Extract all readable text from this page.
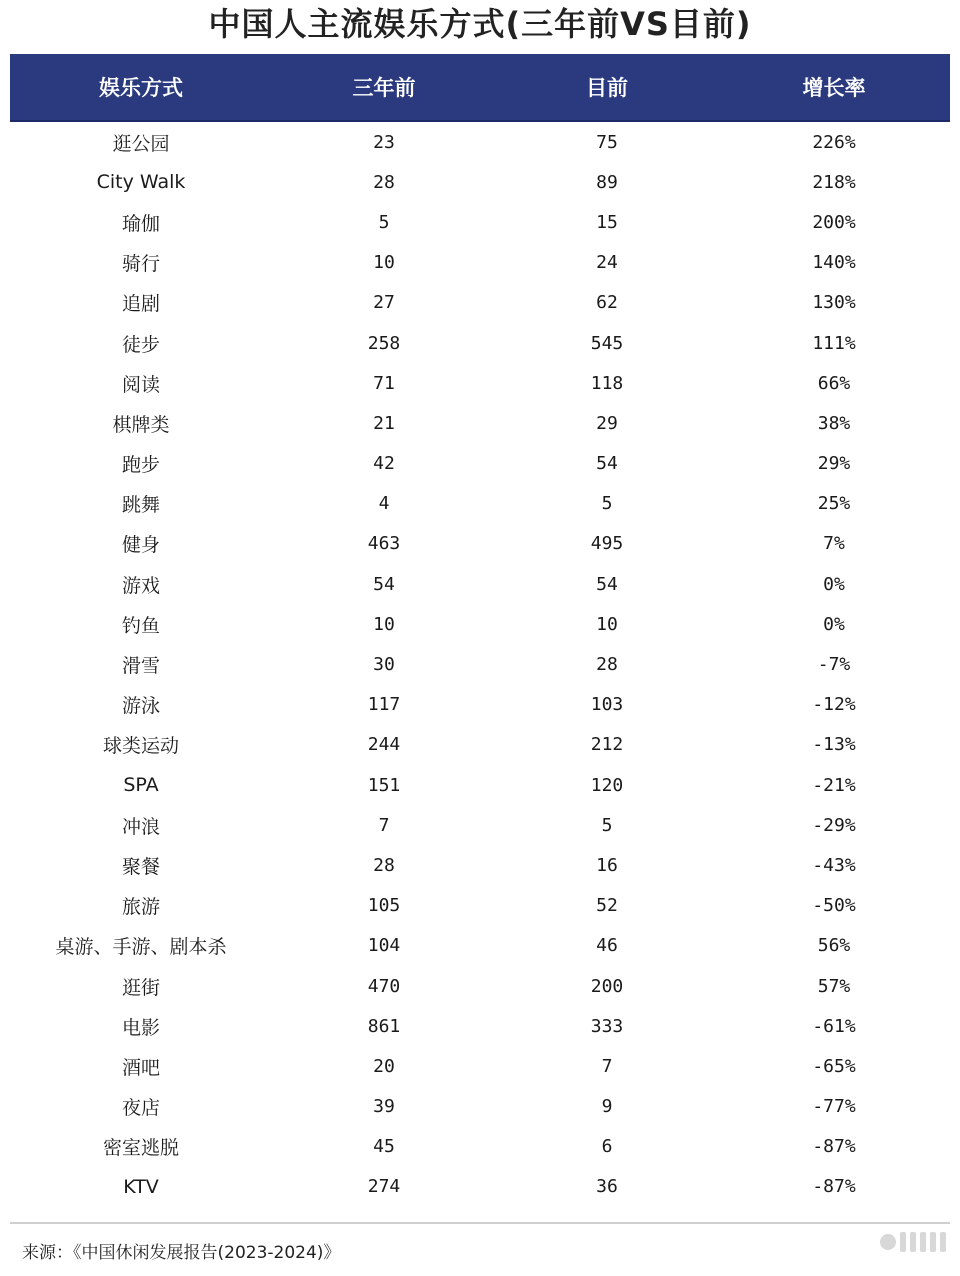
中国人主流娱乐方式(三年前VS目前)
娱乐方式	三年前	目前	增长率
逛公园	23	75	226%
City Walk	28	89	218%
瑜伽	5	15	200%
骑行	10	24	140%
追剧	27	62	130%
徒步	258	545	111%
阅读	71	118	66%
棋牌类	21	29	38%
跑步	42	54	29%
跳舞	4	5	25%
健身	463	495	7%
游戏	54	54	0%
钓鱼	10	10	0%
滑雪	30	28	-7%
游泳	117	103	-12%
球类运动	244	212	-13%
SPA	151	120	-21%
冲浪	7	5	-29%
聚餐	28	16	-43%
旅游	105	52	-50%
桌游、手游、剧本杀	104	46	56%
逛街	470	200	57%
电影	861	333	-61%
酒吧	20	7	-65%
夜店	39	9	-77%
密室逃脱	45	6	-87%
KTV	274	36	-87%
来源：《中国休闲发展报告(2023-2024)》
